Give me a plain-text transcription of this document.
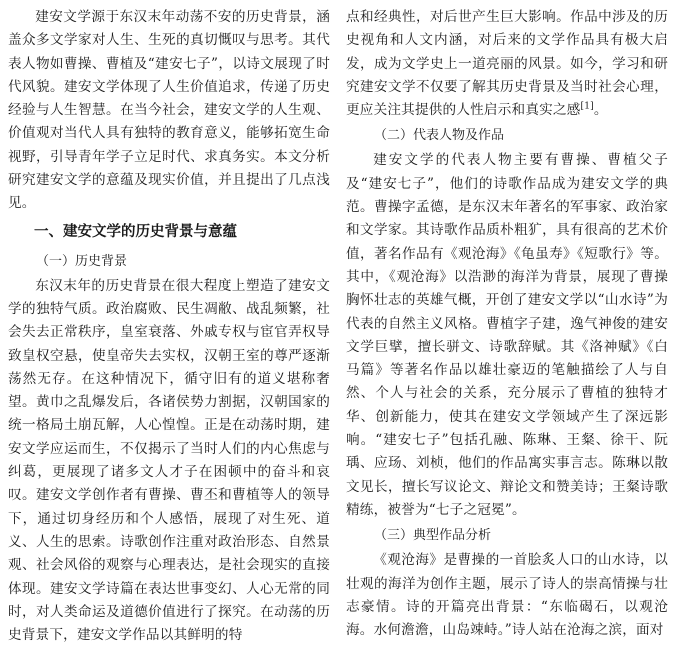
建安文学源于东汉末年动荡不安的历史背景，涵盖众多文学家对人生、生死的真切慨叹与思考。其代表人物如曹操、曹植及“建安七子”，以诗文展现了时代风貌。建安文学体现了人生价值追求，传递了历史经验与人生智慧。在当今社会，建安文学的人生观、价值观对当代人具有独特的教育意义，能够拓宽生命视野，引导青年学子立足时代、求真务实。本文分析研究建安文学的意蕴及现实价值，并且提出了几点浅见。

一、建安文学的历史背景与意蕴
（一）历史背景

东汉末年的历史背景在很大程度上塑造了建安文学的独特气质。政治腐败、民生凋敝、战乱频繁，社会失去正常秩序，皇室衰落、外戚专权与宦官弄权导致皇权空悬，使皇帝失去实权，汉朝王室的尊严逐渐荡然无存。在这种情况下，循守旧有的道义堪称奢望。黄巾之乱爆发后，各诸侯势力割据，汉朝国家的统一格局土崩瓦解，人心惶惶。正是在动荡时期，建安文学应运而生，不仅揭示了当时人们的内心焦虑与纠葛，更展现了诸多文人才子在困顿中的奋斗和哀叹。建安文学创作者有曹操、曹丕和曹植等人的领导下，通过切身经历和个人感悟，展现了对生死、道义、人生的思索。诗歌创作注重对政治形态、自然景观、社会风俗的观察与心理表达，是社会现实的直接体现。建安文学诗篇在表达世事变幻、人心无常的同时，对人类命运及道德价值进行了探究。在动荡的历史背景下，建安文学作品以其鲜明的特

点和经典性，对后世产生巨大影响。作品中涉及的历史视角和人文内涵，对后来的文学作品具有极大启发，成为文学史上一道亮丽的风景。如今，学习和研究建安文学不仅要了解其历史背景及当时社会心理，更应关注其提供的人性启示和真实之感[1]。

（二）代表人物及作品

建安文学的代表人物主要有曹操、曹植父子及“建安七子”，他们的诗歌作品成为建安文学的典范。曹操字孟德，是东汉末年著名的军事家、政治家和文学家。其诗歌作品质朴粗犷，具有很高的艺术价值，著名作品有《观沧海》《龟虽寿》《短歌行》等。其中，《观沧海》以浩渺的海洋为背景，展现了曹操胸怀壮志的英雄气概，开创了建安文学以“山水诗”为代表的自然主义风格。曹植字子建，逸气神俊的建安文学巨擘，擅长骈文、诗歌辞赋。其《洛神赋》《白马篇》等著名作品以雄壮豪迈的笔触描绘了人与自然、个人与社会的关系，充分展示了曹植的独特才华、创新能力，使其在建安文学领域产生了深远影响。“建安七子”包括孔融、陈琳、王粲、徐干、阮瑀、应玚、刘桢，他们的作品寓实事言志。陈琳以散文见长，擅长写议论文、辩论文和赞美诗；王粲诗歌精练，被誉为“七子之冠冕”。

（三）典型作品分析

《观沧海》是曹操的一首脍炙人口的山水诗，以壮观的海洋为创作主题，展示了诗人的崇高情操与壮志豪情。诗的开篇亮出背景：“东临碣石，以观沧海。水何澹澹，山岛竦峙。”诗人站在沧海之滨，面对
